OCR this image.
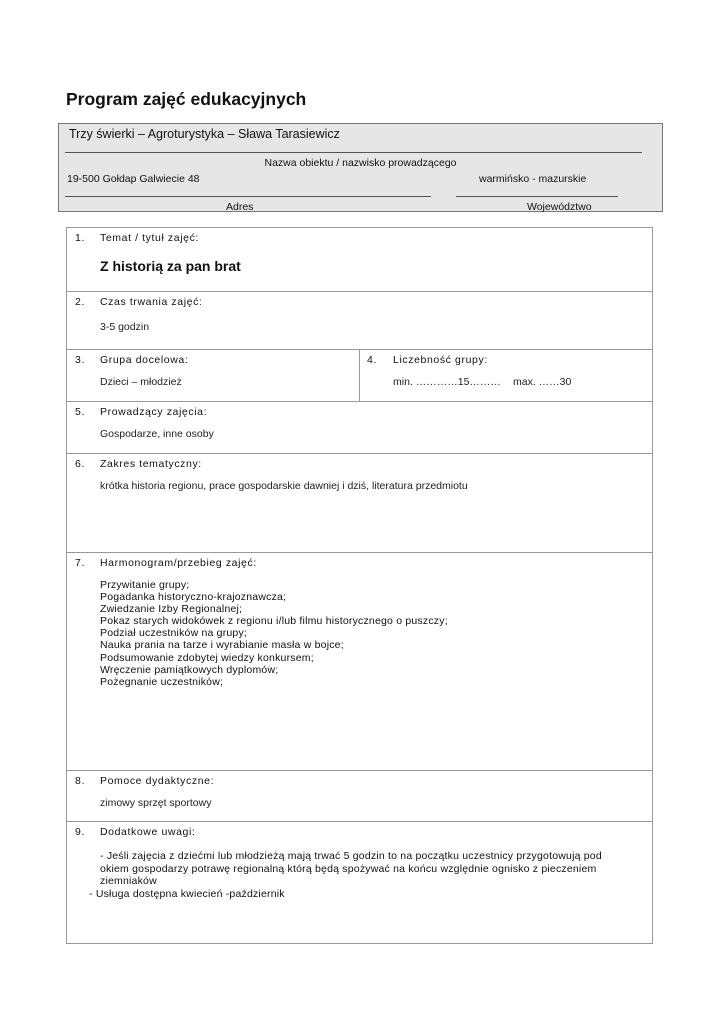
Program zajęć edukacyjnych
Trzy świerki – Agroturystyka – Sława Tarasiewicz
Nazwa obiektu / nazwisko prowadzącego
19-500 Gołdap Galwiecie 48	warmińsko - mazurskie
Adres	Województwo
1. Temat / tytuł zajęć:
Z historią za pan brat
2. Czas trwania zajęć:
3-5 godzin
3. Grupa docelowa:
Dzieci – młodzież
4. Liczebność grupy:
min. …………15……… max. ……30
5. Prowadzący zajęcia:
Gospodarze, inne osoby
6. Zakres tematyczny:
krótka historia regionu, prace gospodarskie dawniej i dziś, literatura przedmiotu
7. Harmonogram/przebieg zajęć:
Przywitanie grupy;
Pogadanka historyczno-krajoznawcza;
Zwiedzanie Izby Regionalnej;
Pokaz starych widokówek z regionu i/lub filmu historycznego o puszczy;
Podział uczestników na grupy;
Nauka prania na tarze i wyrabianie masła w bojce;
Podsumowanie zdobytej wiedzy konkursem;
Wręczenie pamiątkowych dyplomów;
Pożegnanie uczestników;
8. Pomoce dydaktyczne:
zimowy sprzęt sportowy
9. Dodatkowe uwagi:
- Jeśli zajęcia z dziećmi lub młodzieżą mają trwać 5 godzin to na początku uczestnicy przygotowują pod
okiem gospodarzy potrawę regionalną którą będą spożywać na końcu względnie ognisko z pieczeniem
ziemniaków
- Usługa dostępna kwiecień -październik
